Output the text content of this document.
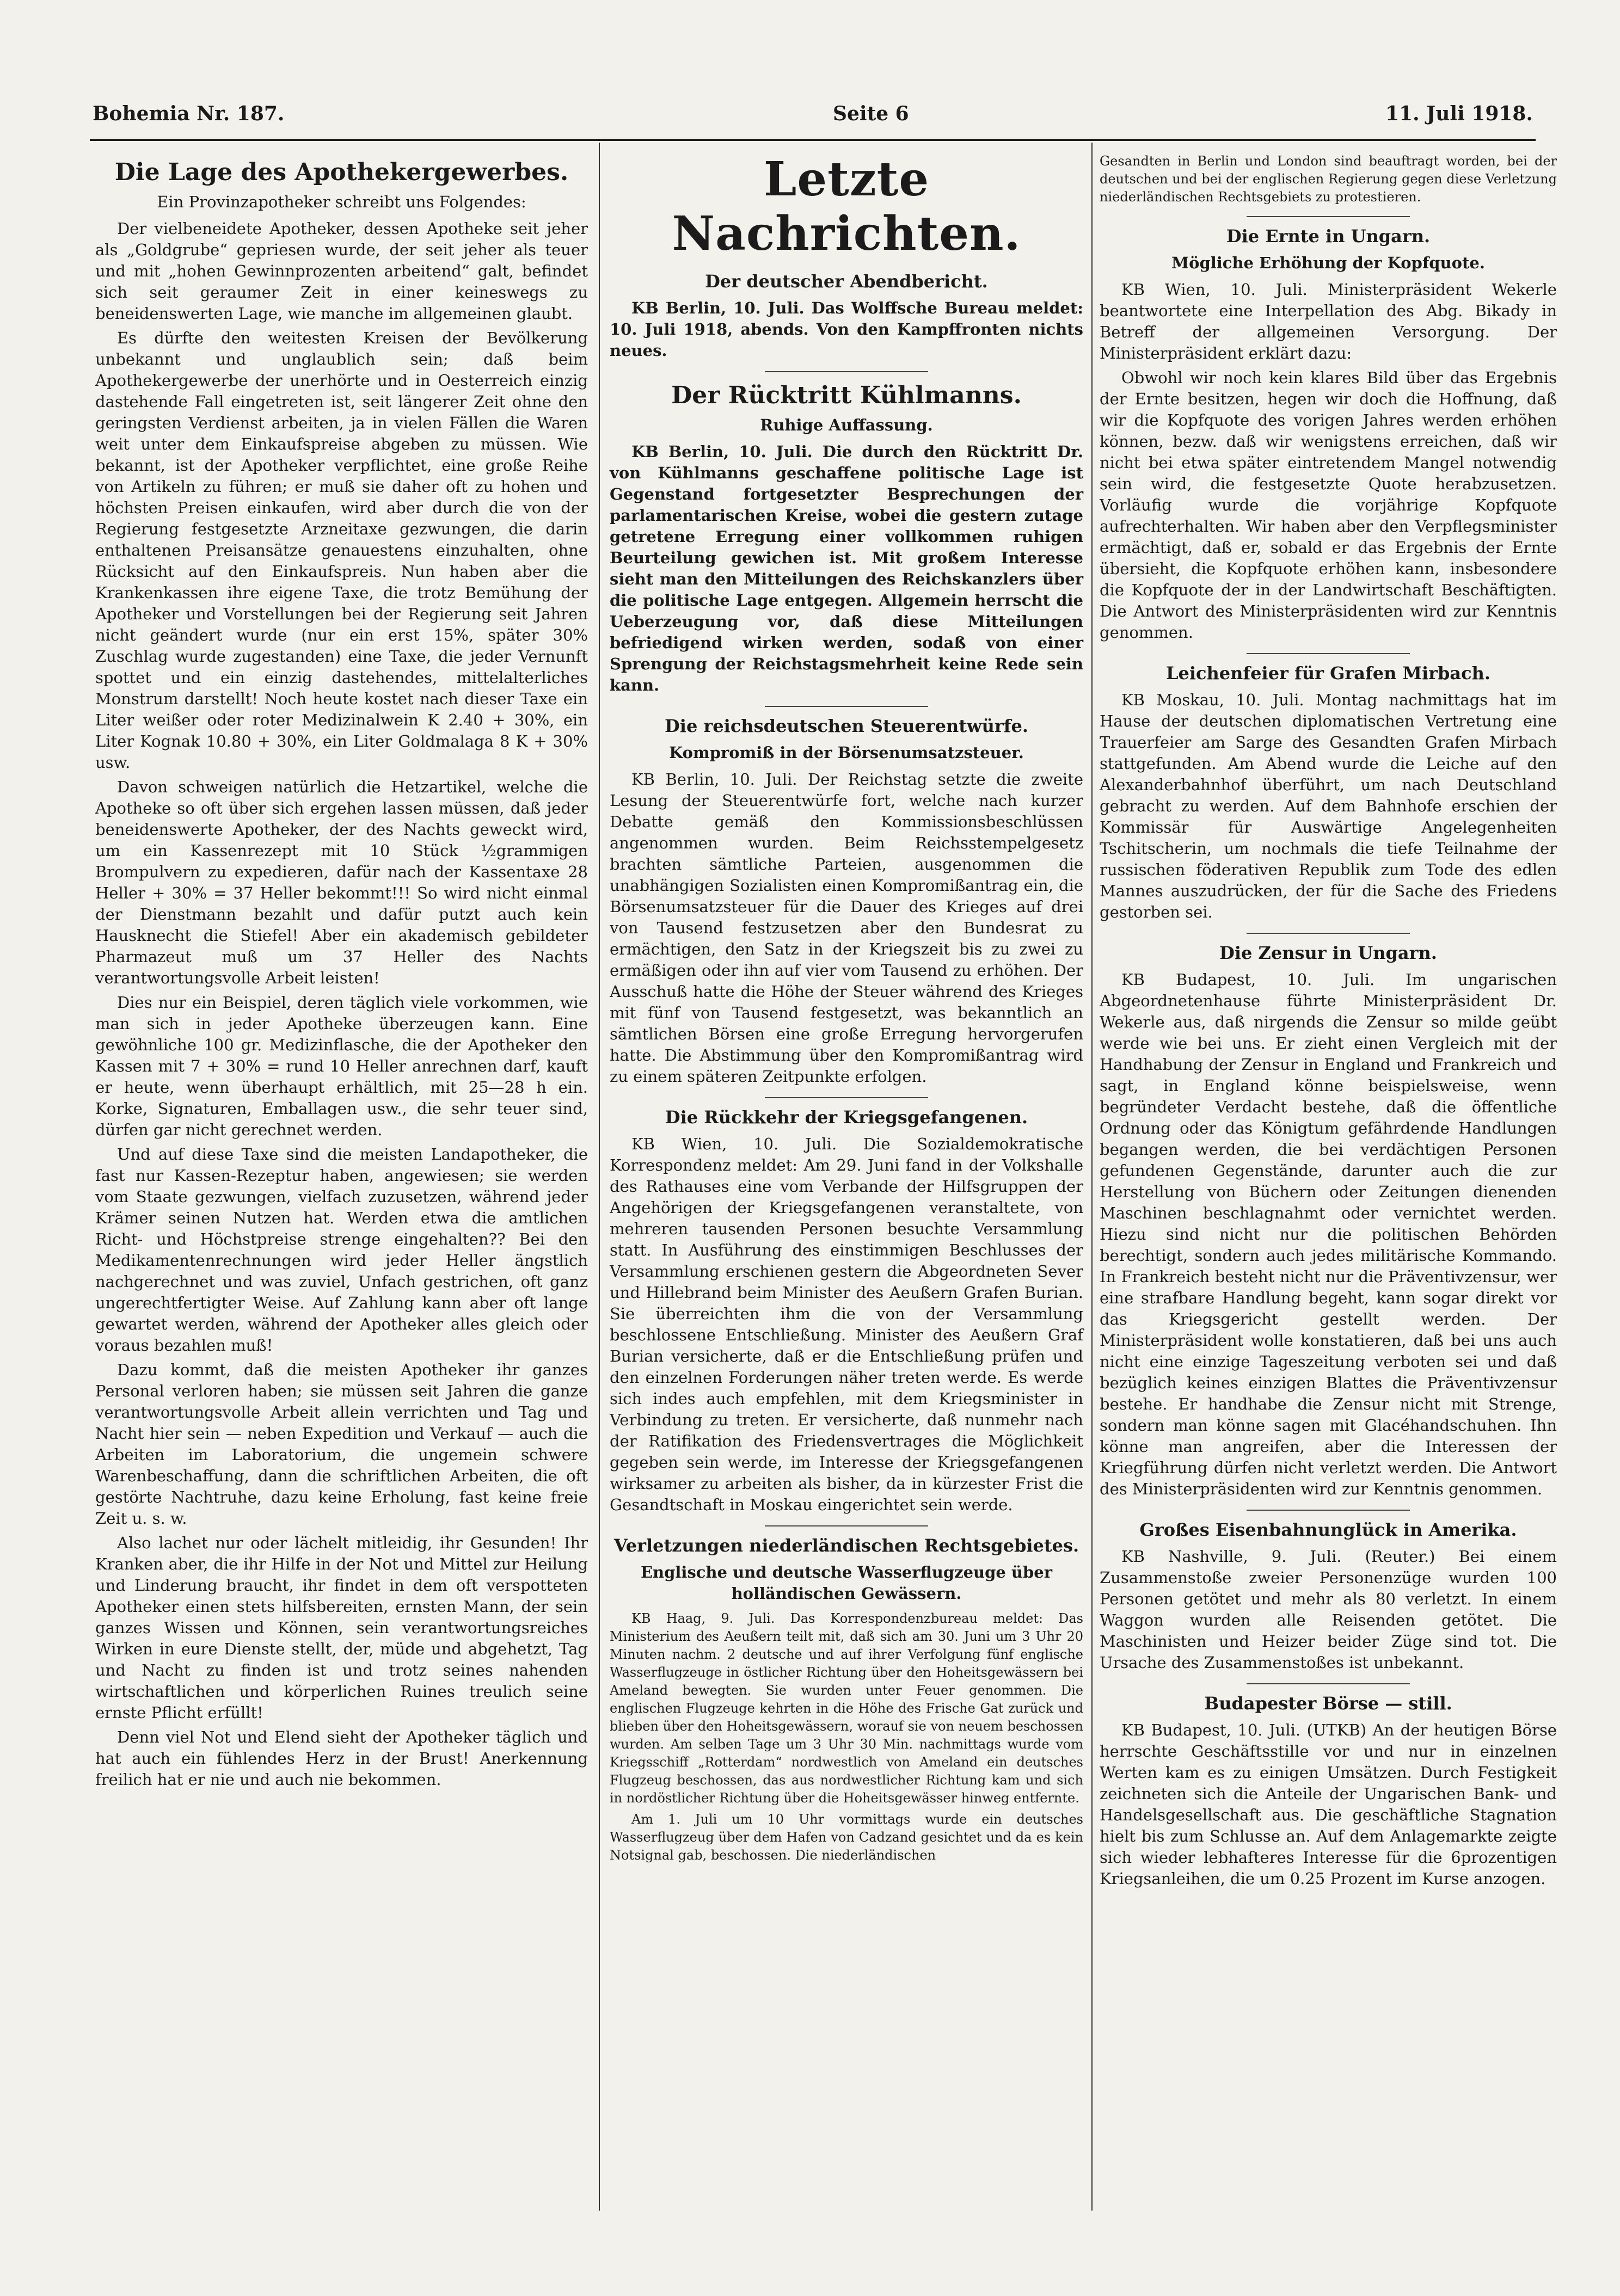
Bohemia Nr. 187.	Seite 6	11. Juli 1918.
Die Lage des Apothekergewerbes.
Ein Provinzapotheker schreibt uns Folgendes:

Der vielbeneidete Apotheker, dessen Apotheke seit jeher als „Goldgrube“ gepriesen wurde, der seit jeher als teuer und mit „hohen Gewinnprozenten arbeitend“ galt, befindet sich seit geraumer Zeit in einer keineswegs zu beneidenswerten Lage, wie manche im allgemeinen glaubt.

Es dürfte den weitesten Kreisen der Bevölkerung unbekannt und unglaublich sein; daß beim Apothekergewerbe der unerhörte und in Oesterreich einzig dastehende Fall eingetreten ist, seit längerer Zeit ohne den geringsten Verdienst arbeiten, ja in vielen Fällen die Waren weit unter dem Einkaufspreise abgeben zu müssen. Wie bekannt, ist der Apotheker verpflichtet, eine große Reihe von Artikeln zu führen; er muß sie daher oft zu hohen und höchsten Preisen einkaufen, wird aber durch die von der Regierung festgesetzte Arzneitaxe gezwungen, die darin enthaltenen Preisansätze genauestens einzuhalten, ohne Rücksicht auf den Einkaufspreis. Nun haben aber die Krankenkassen ihre eigene Taxe, die trotz Bemühung der Apotheker und Vorstellungen bei der Regierung seit Jahren nicht geändert wurde (nur ein erst 15%, später 30% Zuschlag wurde zugestanden) eine Taxe, die jeder Vernunft spottet und ein einzig dastehendes, mittelalterliches Monstrum darstellt! Noch heute kostet nach dieser Taxe ein Liter weißer oder roter Medizinalwein K 2.40 + 30%, ein Liter Kognak 10.80 + 30%, ein Liter Goldmalaga 8 K + 30% usw.

Davon schweigen natürlich die Hetzartikel, welche die Apotheke so oft über sich ergehen lassen müssen, daß jeder beneidenswerte Apotheker, der des Nachts geweckt wird, um ein Kassenrezept mit 10 Stück ½grammigen Brompulvern zu expedieren, dafür nach der Kassentaxe 28 Heller + 30% = 37 Heller bekommt!!! So wird nicht einmal der Dienstmann bezahlt und dafür putzt auch kein Hausknecht die Stiefel! Aber ein akademisch gebildeter Pharmazeut muß um 37 Heller des Nachts verantwortungsvolle Arbeit leisten!

Dies nur ein Beispiel, deren täglich viele vorkommen, wie man sich in jeder Apotheke überzeugen kann. Eine gewöhnliche 100 gr. Medizinflasche, die der Apotheker den Kassen mit 7 + 30% = rund 10 Heller anrechnen darf, kauft er heute, wenn überhaupt erhältlich, mit 25—28 h ein. Korke, Signaturen, Emballagen usw., die sehr teuer sind, dürfen gar nicht gerechnet werden.

Und auf diese Taxe sind die meisten Landapotheker, die fast nur Kassen-Rezeptur haben, angewiesen; sie werden vom Staate gezwungen, vielfach zuzusetzen, während jeder Krämer seinen Nutzen hat. Werden etwa die amtlichen Richt- und Höchstpreise strenge eingehalten?? Bei den Medikamentenrechnungen wird jeder Heller ängstlich nachgerechnet und was zuviel, Unfach gestrichen, oft ganz ungerechtfertigter Weise. Auf Zahlung kann aber oft lange gewartet werden, während der Apotheker alles gleich oder voraus bezahlen muß!

Dazu kommt, daß die meisten Apotheker ihr ganzes Personal verloren haben; sie müssen seit Jahren die ganze verantwortungsvolle Arbeit allein verrichten und Tag und Nacht hier sein — neben Expedition und Verkauf — auch die Arbeiten im Laboratorium, die ungemein schwere Warenbeschaffung, dann die schriftlichen Arbeiten, die oft gestörte Nachtruhe, dazu keine Erholung, fast keine freie Zeit u. s. w.

Also lachet nur oder lächelt mitleidig, ihr Gesunden! Ihr Kranken aber, die ihr Hilfe in der Not und Mittel zur Heilung und Linderung braucht, ihr findet in dem oft verspotteten Apotheker einen stets hilfsbereiten, ernsten Mann, der sein ganzes Wissen und Können, sein verantwortungsreiches Wirken in eure Dienste stellt, der, müde und abgehetzt, Tag und Nacht zu finden ist und trotz seines nahenden wirtschaftlichen und körperlichen Ruines treulich seine ernste Pflicht erfüllt!

Denn viel Not und Elend sieht der Apotheker täglich und hat auch ein fühlendes Herz in der Brust! Anerkennung freilich hat er nie und auch nie bekommen.

Letzte Nachrichten.
Der deutscher Abendbericht.

KB Berlin, 10. Juli. Das Wolffsche Bureau meldet: 10. Juli 1918, abends. Von den Kampffronten nichts neues.

Der Rücktritt Kühlmanns.
Ruhige Auffassung.

KB Berlin, 10. Juli. Die durch den Rücktritt Dr. von Kühlmanns geschaffene politische Lage ist Gegenstand fortgesetzter Besprechungen der parlamentarischen Kreise, wobei die gestern zutage getretene Erregung einer vollkommen ruhigen Beurteilung gewichen ist. Mit großem Interesse sieht man den Mitteilungen des Reichskanzlers über die politische Lage entgegen. Allgemein herrscht die Ueberzeugung vor, daß diese Mitteilungen befriedigend wirken werden, sodaß von einer Sprengung der Reichstagsmehrheit keine Rede sein kann.

Die reichsdeutschen Steuerentwürfe.
Kompromiß in der Börsenumsatzsteuer.

KB Berlin, 10. Juli. Der Reichstag setzte die zweite Lesung der Steuerentwürfe fort, welche nach kurzer Debatte gemäß den Kommissionsbeschlüssen angenommen wurden. Beim Reichsstempelgesetz brachten sämtliche Parteien, ausgenommen die unabhängigen Sozialisten einen Kompromißantrag ein, die Börsenumsatzsteuer für die Dauer des Krieges auf drei von Tausend festzusetzen aber den Bundesrat zu ermächtigen, den Satz in der Kriegszeit bis zu zwei zu ermäßigen oder ihn auf vier vom Tausend zu erhöhen. Der Ausschuß hatte die Höhe der Steuer während des Krieges mit fünf von Tausend festgesetzt, was bekanntlich an sämtlichen Börsen eine große Erregung hervorgerufen hatte. Die Abstimmung über den Kompromißantrag wird zu einem späteren Zeitpunkte erfolgen.

Die Rückkehr der Kriegsgefangenen.

KB Wien, 10. Juli. Die Sozialdemokratische Korrespondenz meldet: Am 29. Juni fand in der Volkshalle des Rathauses eine vom Verbande der Hilfsgruppen der Angehörigen der Kriegsgefangenen veranstaltete, von mehreren tausenden Personen besuchte Versammlung statt. In Ausführung des einstimmigen Beschlusses der Versammlung erschienen gestern die Abgeordneten Sever und Hillebrand beim Minister des Aeußern Grafen Burian. Sie überreichten ihm die von der Versammlung beschlossene Entschließung. Minister des Aeußern Graf Burian versicherte, daß er die Entschließung prüfen und den einzelnen Forderungen näher treten werde. Es werde sich indes auch empfehlen, mit dem Kriegsminister in Verbindung zu treten. Er versicherte, daß nunmehr nach der Ratifikation des Friedensvertrages die Möglichkeit gegeben sein werde, im Interesse der Kriegsgefangenen wirksamer zu arbeiten als bisher, da in kürzester Frist die Gesandtschaft in Moskau eingerichtet sein werde.

Verletzungen niederländischen Rechtsgebietes.
Englische und deutsche Wasserflugzeuge über holländischen Gewässern.

KB Haag, 9. Juli. Das Korrespondenzbureau meldet: Das Ministerium des Aeußern teilt mit, daß sich am 30. Juni um 3 Uhr 20 Minuten nachm. 2 deutsche und auf ihrer Verfolgung fünf englische Wasserflugzeuge in östlicher Richtung über den Hoheitsgewässern bei Ameland bewegten. Sie wurden unter Feuer genommen. Die englischen Flugzeuge kehrten in die Höhe des Frische Gat zurück und blieben über den Hoheitsgewässern, worauf sie von neuem beschossen wurden. Am selben Tage um 3 Uhr 30 Min. nachmittags wurde vom Kriegsschiff „Rotterdam“ nordwestlich von Ameland ein deutsches Flugzeug beschossen, das aus nordwestlicher Richtung kam und sich in nordöstlicher Richtung über die Hoheitsgewässer hinweg entfernte.

Am 1. Juli um 10 Uhr vormittags wurde ein deutsches Wasserflugzeug über dem Hafen von Cadzand gesichtet und da es kein Notsignal gab, beschossen. Die niederländischen

Gesandten in Berlin und London sind beauftragt worden, bei der deutschen und bei der englischen Regierung gegen diese Verletzung niederländischen Rechtsgebiets zu protestieren.

Die Ernte in Ungarn.
Mögliche Erhöhung der Kopfquote.

KB Wien, 10. Juli. Ministerpräsident Wekerle beantwortete eine Interpellation des Abg. Bikady in Betreff der allgemeinen Versorgung. Der Ministerpräsident erklärt dazu:

Obwohl wir noch kein klares Bild über das Ergebnis der Ernte besitzen, hegen wir doch die Hoffnung, daß wir die Kopfquote des vorigen Jahres werden erhöhen können, bezw. daß wir wenigstens erreichen, daß wir nicht bei etwa später eintretendem Mangel notwendig sein wird, die festgesetzte Quote herabzusetzen. Vorläufig wurde die vorjährige Kopfquote aufrechterhalten. Wir haben aber den Verpflegsminister ermächtigt, daß er, sobald er das Ergebnis der Ernte übersieht, die Kopfquote erhöhen kann, insbesondere die Kopfquote der in der Landwirtschaft Beschäftigten. Die Antwort des Ministerpräsidenten wird zur Kenntnis genommen.

Leichenfeier für Grafen Mirbach.

KB Moskau, 10. Juli. Montag nachmittags hat im Hause der deutschen diplomatischen Vertretung eine Trauerfeier am Sarge des Gesandten Grafen Mirbach stattgefunden. Am Abend wurde die Leiche auf den Alexanderbahnhof überführt, um nach Deutschland gebracht zu werden. Auf dem Bahnhofe erschien der Kommissär für Auswärtige Angelegenheiten Tschitscherin, um nochmals die tiefe Teilnahme der russischen föderativen Republik zum Tode des edlen Mannes auszudrücken, der für die Sache des Friedens gestorben sei.

Die Zensur in Ungarn.

KB Budapest, 10. Juli. Im ungarischen Abgeordnetenhause führte Ministerpräsident Dr. Wekerle aus, daß nirgends die Zensur so milde geübt werde wie bei uns. Er zieht einen Vergleich mit der Handhabung der Zensur in England und Frankreich und sagt, in England könne beispielsweise, wenn begründeter Verdacht bestehe, daß die öffentliche Ordnung oder das Königtum gefährdende Handlungen begangen werden, die bei verdächtigen Personen gefundenen Gegenstände, darunter auch die zur Herstellung von Büchern oder Zeitungen dienenden Maschinen beschlagnahmt oder vernichtet werden. Hiezu sind nicht nur die politischen Behörden berechtigt, sondern auch jedes militärische Kommando. In Frankreich besteht nicht nur die Präventivzensur, wer eine strafbare Handlung begeht, kann sogar direkt vor das Kriegsgericht gestellt werden. Der Ministerpräsident wolle konstatieren, daß bei uns auch nicht eine einzige Tageszeitung verboten sei und daß bezüglich keines einzigen Blattes die Präventivzensur bestehe. Er handhabe die Zensur nicht mit Strenge, sondern man könne sagen mit Glacéhandschuhen. Ihn könne man angreifen, aber die Interessen der Kriegführung dürfen nicht verletzt werden. Die Antwort des Ministerpräsidenten wird zur Kenntnis genommen.

Großes Eisenbahnunglück in Amerika.

KB Nashville, 9. Juli. (Reuter.) Bei einem Zusammenstoße zweier Personenzüge wurden 100 Personen getötet und mehr als 80 verletzt. In einem Waggon wurden alle Reisenden getötet. Die Maschinisten und Heizer beider Züge sind tot. Die Ursache des Zusammenstoßes ist unbekannt.

Budapester Börse — still.

KB Budapest, 10. Juli. (UTKB) An der heutigen Börse herrschte Geschäftsstille vor und nur in einzelnen Werten kam es zu einigen Umsätzen. Durch Festigkeit zeichneten sich die Anteile der Ungarischen Bank- und Handelsgesellschaft aus. Die geschäftliche Stagnation hielt bis zum Schlusse an. Auf dem Anlagemarkte zeigte sich wieder lebhafteres Interesse für die 6prozentigen Kriegsanleihen, die um 0.25 Prozent im Kurse anzogen.
